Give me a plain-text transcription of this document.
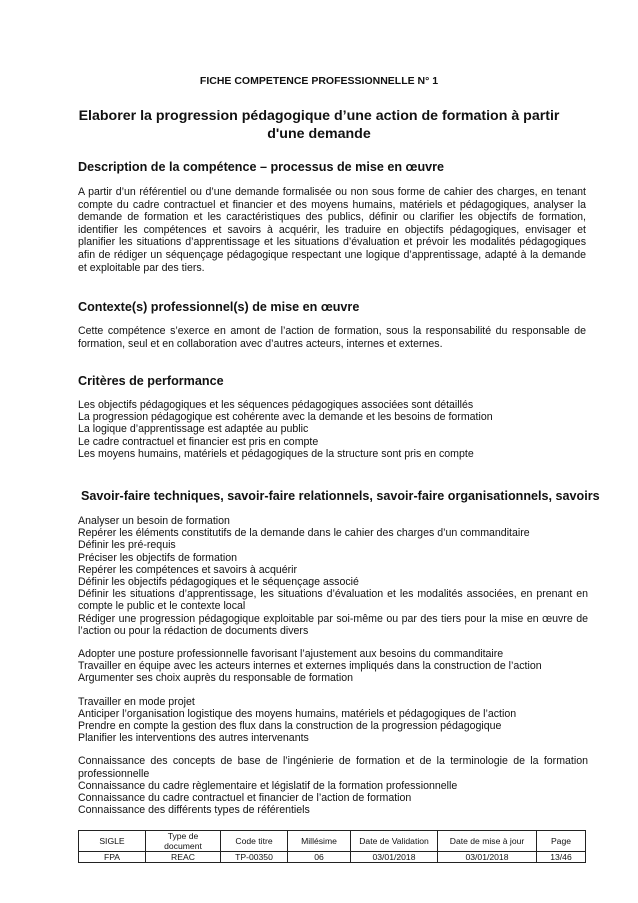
FICHE COMPETENCE PROFESSIONNELLE N° 1
Elaborer la progression pédagogique d’une action de formation à partir d'une demande
Description de la compétence – processus de mise en œuvre

A partir d’un référentiel ou d’une demande formalisée ou non sous forme de cahier des charges, en tenant compte du cadre contractuel et financier et des moyens humains, matériels et pédagogiques, analyser la demande de formation et les caractéristiques des publics, définir ou clarifier les objectifs de formation, identifier les compétences et savoirs à acquérir, les traduire en objectifs pédagogiques, envisager et planifier les situations d’apprentissage et les situations d’évaluation et prévoir les modalités pédagogiques afin de rédiger un séquençage pédagogique respectant une logique d’apprentissage, adapté à la demande et exploitable par des tiers.

Contexte(s) professionnel(s) de mise en œuvre

Cette compétence s’exerce en amont de l’action de formation, sous la responsabilité du responsable de formation, seul et en collaboration avec d’autres acteurs, internes et externes.

Critères de performance
Les objectifs pédagogiques et les séquences pédagogiques associées sont détaillés
La progression pédagogique est cohérente avec la demande et les besoins de formation
La logique d’apprentissage est adaptée au public
Le cadre contractuel et financier est pris en compte
Les moyens humains, matériels et pédagogiques de la structure sont pris en compte
Savoir-faire techniques, savoir-faire relationnels, savoir-faire organisationnels, savoirs
Analyser un besoin de formation
Repérer les éléments constitutifs de la demande dans le cahier des charges d’un commanditaire
Définir les pré-requis
Préciser les objectifs de formation
Repérer les compétences et savoirs à acquérir
Définir les objectifs pédagogiques et le séquençage associé
Définir les situations d’apprentissage, les situations d’évaluation et les modalités associées, en prenant en compte le public et le contexte local
Rédiger une progression pédagogique exploitable par soi-même ou par des tiers pour la mise en œuvre de l’action ou pour la rédaction de documents divers
Adopter une posture professionnelle favorisant l’ajustement aux besoins du commanditaire
Travailler en équipe avec les acteurs internes et externes impliqués dans la construction de l’action
Argumenter ses choix auprès du responsable de formation
Travailler en mode projet
Anticiper l’organisation logistique des moyens humains, matériels et pédagogiques de l’action
Prendre en compte la gestion des flux dans la construction de la progression pédagogique
Planifier les interventions des autres intervenants
Connaissance des concepts de base de l’ingénierie de formation et de la terminologie de la formation professionnelle
Connaissance du cadre règlementaire et législatif de la formation professionnelle
Connaissance du cadre contractuel et financier de l’action de formation
Connaissance des différents types de référentiels
SIGLE	Type de document	Code titre	Millésime	Date de Validation	Date de mise à jour	Page
FPA	REAC	TP-00350	06	03/01/2018	03/01/2018	13/46
